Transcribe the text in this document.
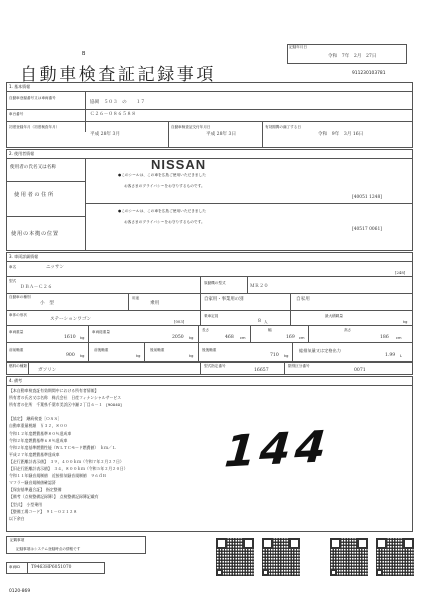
B
自動車検査証記録事項
記録年月日
令和　7年　2月　27日
911230103781
1. 基本情報
自動車登録番号又は車両番号
協岡　５０３　の　　１７
車台番号	Ｃ２６－０８６５８８
初度登録年月（初度検査年月）
平成 28年 3月
自動車検査証交付年月日
平成 28年 3日
有効期間の満了する日
令和　9年　3月 16日
2. 使用者情報
使用者の氏名又は名称
使用者の住所
使用の本拠の位置
NISSAN
●このシールは、この車を広島ご使用いただきました
お客さまのプライバシーをお守りするものです。
[40051 1248]
●このシールは、この車を広島ご使用いただきました
お客さまのプライバシーをお守りするものです。
[40517 0061]
3. 車両詳細情報
車名	ニッサン
[248]
型式
ＤＢＡ－Ｃ２６
原動機の型式
ＭＲ２０
自動車の種別
小　型
用途
乗用
自家用・事業用の別	自家用
車体の形状
ステーションワゴン	[003]
乗車定員
8 人
最大積載量
kg
車両重量
1610 kg
車両総重量
2050 kg
長さ
468 cm
幅
169 cm
高さ
186 cm
前前軸重
900 kg
前後軸重
kg
後前軸重
kg
後後軸重
710 kg
総排気量又は定格出力
1.99 L
燃料の種類
ガソリン
型式指定番号
16657
類別区分番号
0071
4. 備考
【本自動車検査証有効期間中における所有者情報】
所有者の氏名又は名称　株式会社　日産フィナンシャルサービス
所有者の住所　千葉県千葉市美浜区中瀬２丁目６－１　[90040]
【協定】　継続検査［ＯＳＳ］
自動車重量税額　￥３２，８００
令和１２年度燃費基準８０％達成車
令和２年度燃費基準６８％達成車
令和２年度基準燃費性能（ＷＬＴＣモード燃費値）　ｋｍ／Ｌ
平成２７年度燃費基準達成車
【走行距離計表示値】　３９，４００ｋｍ（令和７年２月２７日）
【旧走行距離計表示値】　３４，８００ｋｍ（令和５年２月２０日）
令和１１年騒音規制値　近接排気騒音規制値　９６ｄＢ
マフラー騒音規制値確認済
【保安基準適合証】　指定整備
【備考（点検整備記録簿）】　点検整備記録簿記載有
【型式】　小型乗用
【整備工場コード】　９１－０２１２８
以下余白
144
記載事項
記録事項はシステム登録時点の情報です
車両ID T9463HP6051070
0120-869
